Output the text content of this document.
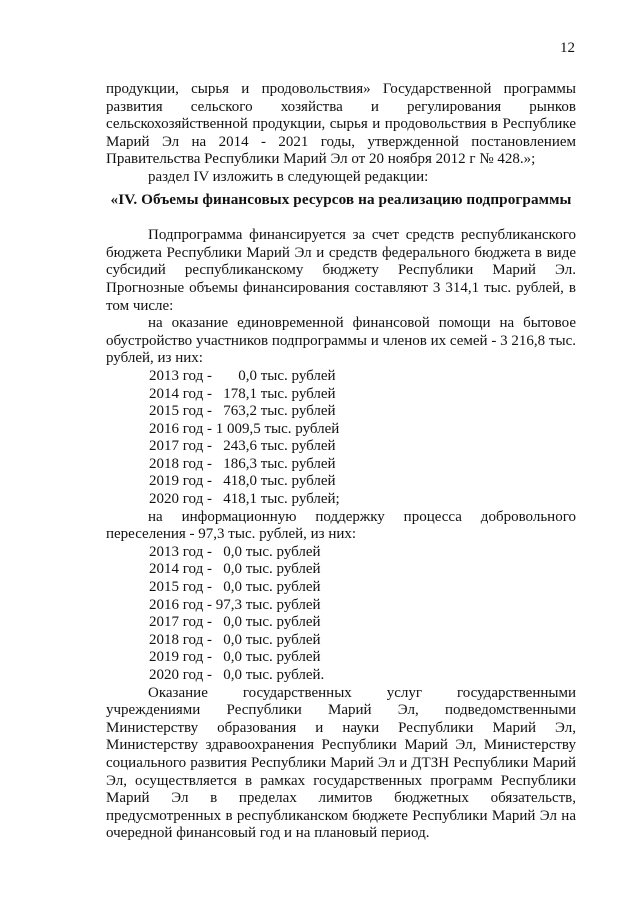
12

продукции, сырья и продовольствия» Государственной программы

развития сельского хозяйства и регулирования рынков

сельскохозяйственной продукции, сырья и продовольствия в Республике

Марий Эл на 2014 - 2021 годы, утвержденной постановлением

Правительства Республики Марий Эл от 20 ноября 2012 г № 428.»;

раздел IV изложить в следующей редакции:

«IV. Объемы финансовых ресурсов на реализацию подпрограммы

Подпрограмма финансируется за счет средств республиканского бюджета Республики Марий Эл и средств федерального бюджета в виде субсидий республиканскому бюджету Республики Марий Эл. Прогнозные объемы финансирования составляют 3 314,1 тыс. рублей, в том числе:

на оказание единовременной финансовой помощи на бытовое обустройство участников подпрограммы и членов их семей - 3 216,8 тыс. рублей, из них:

2013 год -       0,0 тыс. рублей
2014 год -   178,1 тыс. рублей
2015 год -   763,2 тыс. рублей
2016 год - 1 009,5 тыс. рублей
2017 год -   243,6 тыс. рублей
2018 год -   186,3 тыс. рублей
2019 год -   418,0 тыс. рублей
2020 год -   418,1 тыс. рублей;

на информационную поддержку процесса добровольного переселения - 97,3 тыс. рублей, из них:

2013 год -   0,0 тыс. рублей
2014 год -   0,0 тыс. рублей
2015 год -   0,0 тыс. рублей
2016 год - 97,3 тыс. рублей
2017 год -   0,0 тыс. рублей
2018 год -   0,0 тыс. рублей
2019 год -   0,0 тыс. рублей
2020 год -   0,0 тыс. рублей.

Оказание государственных услуг государственными учреждениями Республики Марий Эл, подведомственными Министерству образования и науки Республики Марий Эл, Министерству здравоохранения Республики Марий Эл, Министерству социального развития Республики Марий Эл и ДТЗН Республики Марий Эл, осуществляется в рамках государственных программ Республики Марий Эл в пределах лимитов бюджетных обязательств, предусмотренных в республиканском бюджете Республики Марий Эл на очередной финансовый год и на плановый период.
